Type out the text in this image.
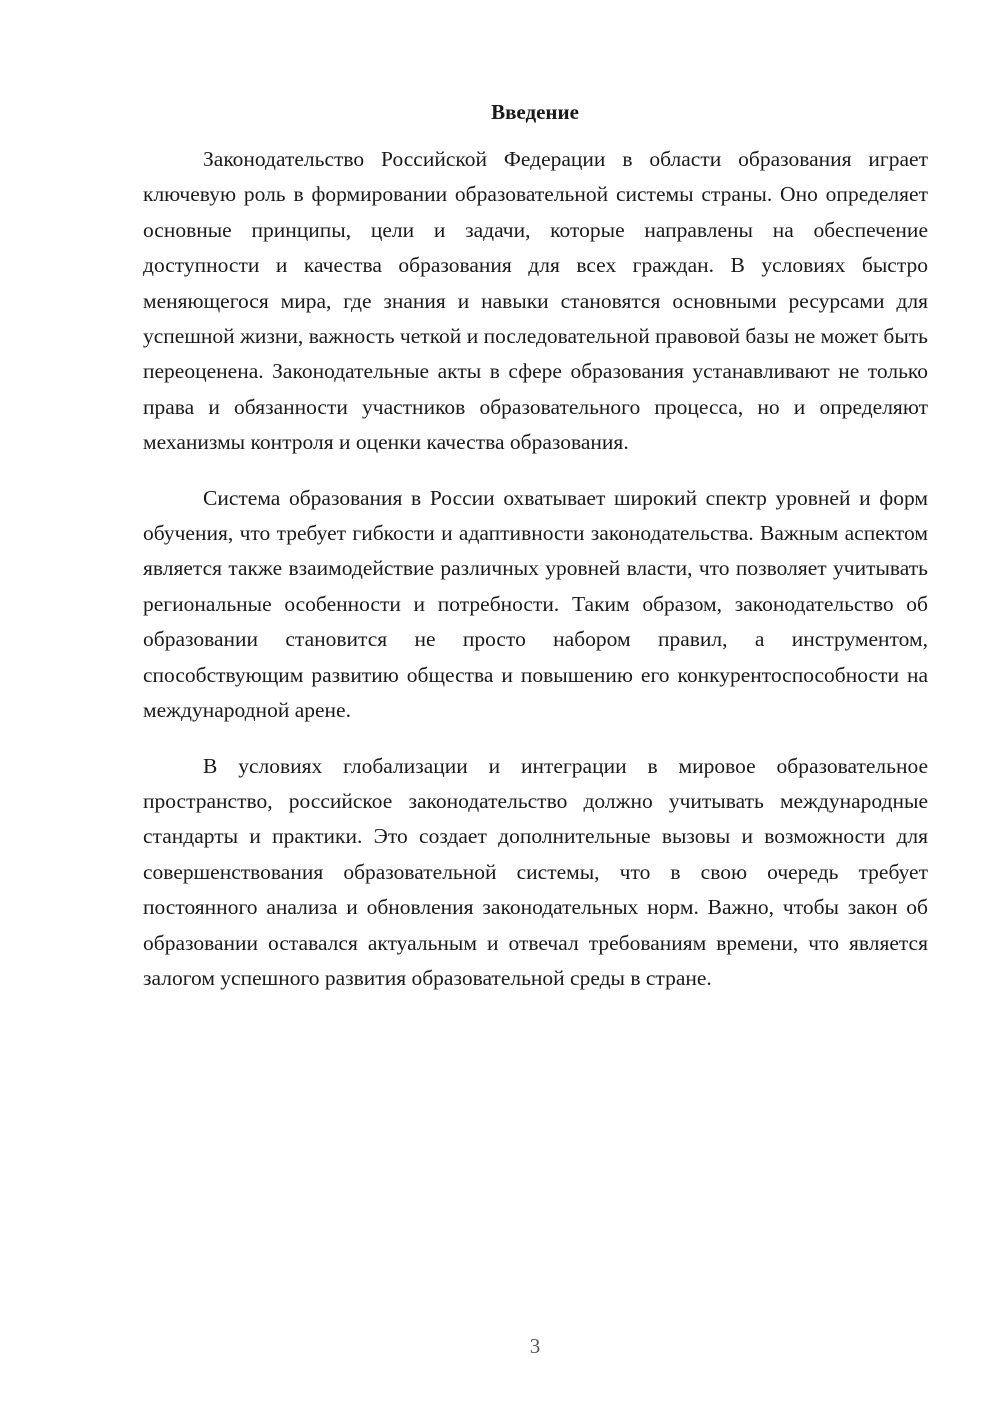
Введение

Законодательство Российской Федерации в области образования играет ключевую роль в формировании образовательной системы страны. Оно определяет основные принципы, цели и задачи, которые направлены на обеспечение доступности и качества образования для всех граждан. В условиях быстро меняющегося мира, где знания и навыки становятся основными ресурсами для успешной жизни, важность четкой и последовательной правовой базы не может быть переоценена. Законодательные акты в сфере образования устанавливают не только права и обязанности участников образовательного процесса, но и определяют механизмы контроля и оценки качества образования.

Система образования в России охватывает широкий спектр уровней и форм обучения, что требует гибкости и адаптивности законодательства. Важным аспектом является также взаимодействие различных уровней власти, что позволяет учитывать региональные особенности и потребности. Таким образом, законодательство об образовании становится не просто набором правил, а инструментом, способствующим развитию общества и повышению его конкурентоспособности на международной арене.

В условиях глобализации и интеграции в мировое образовательное пространство, российское законодательство должно учитывать международные стандарты и практики. Это создает дополнительные вызовы и возможности для совершенствования образовательной системы, что в свою очередь требует постоянного анализа и обновления законодательных норм. Важно, чтобы закон об образовании оставался актуальным и отвечал требованиям времени, что является залогом успешного развития образовательной среды в стране.

3
